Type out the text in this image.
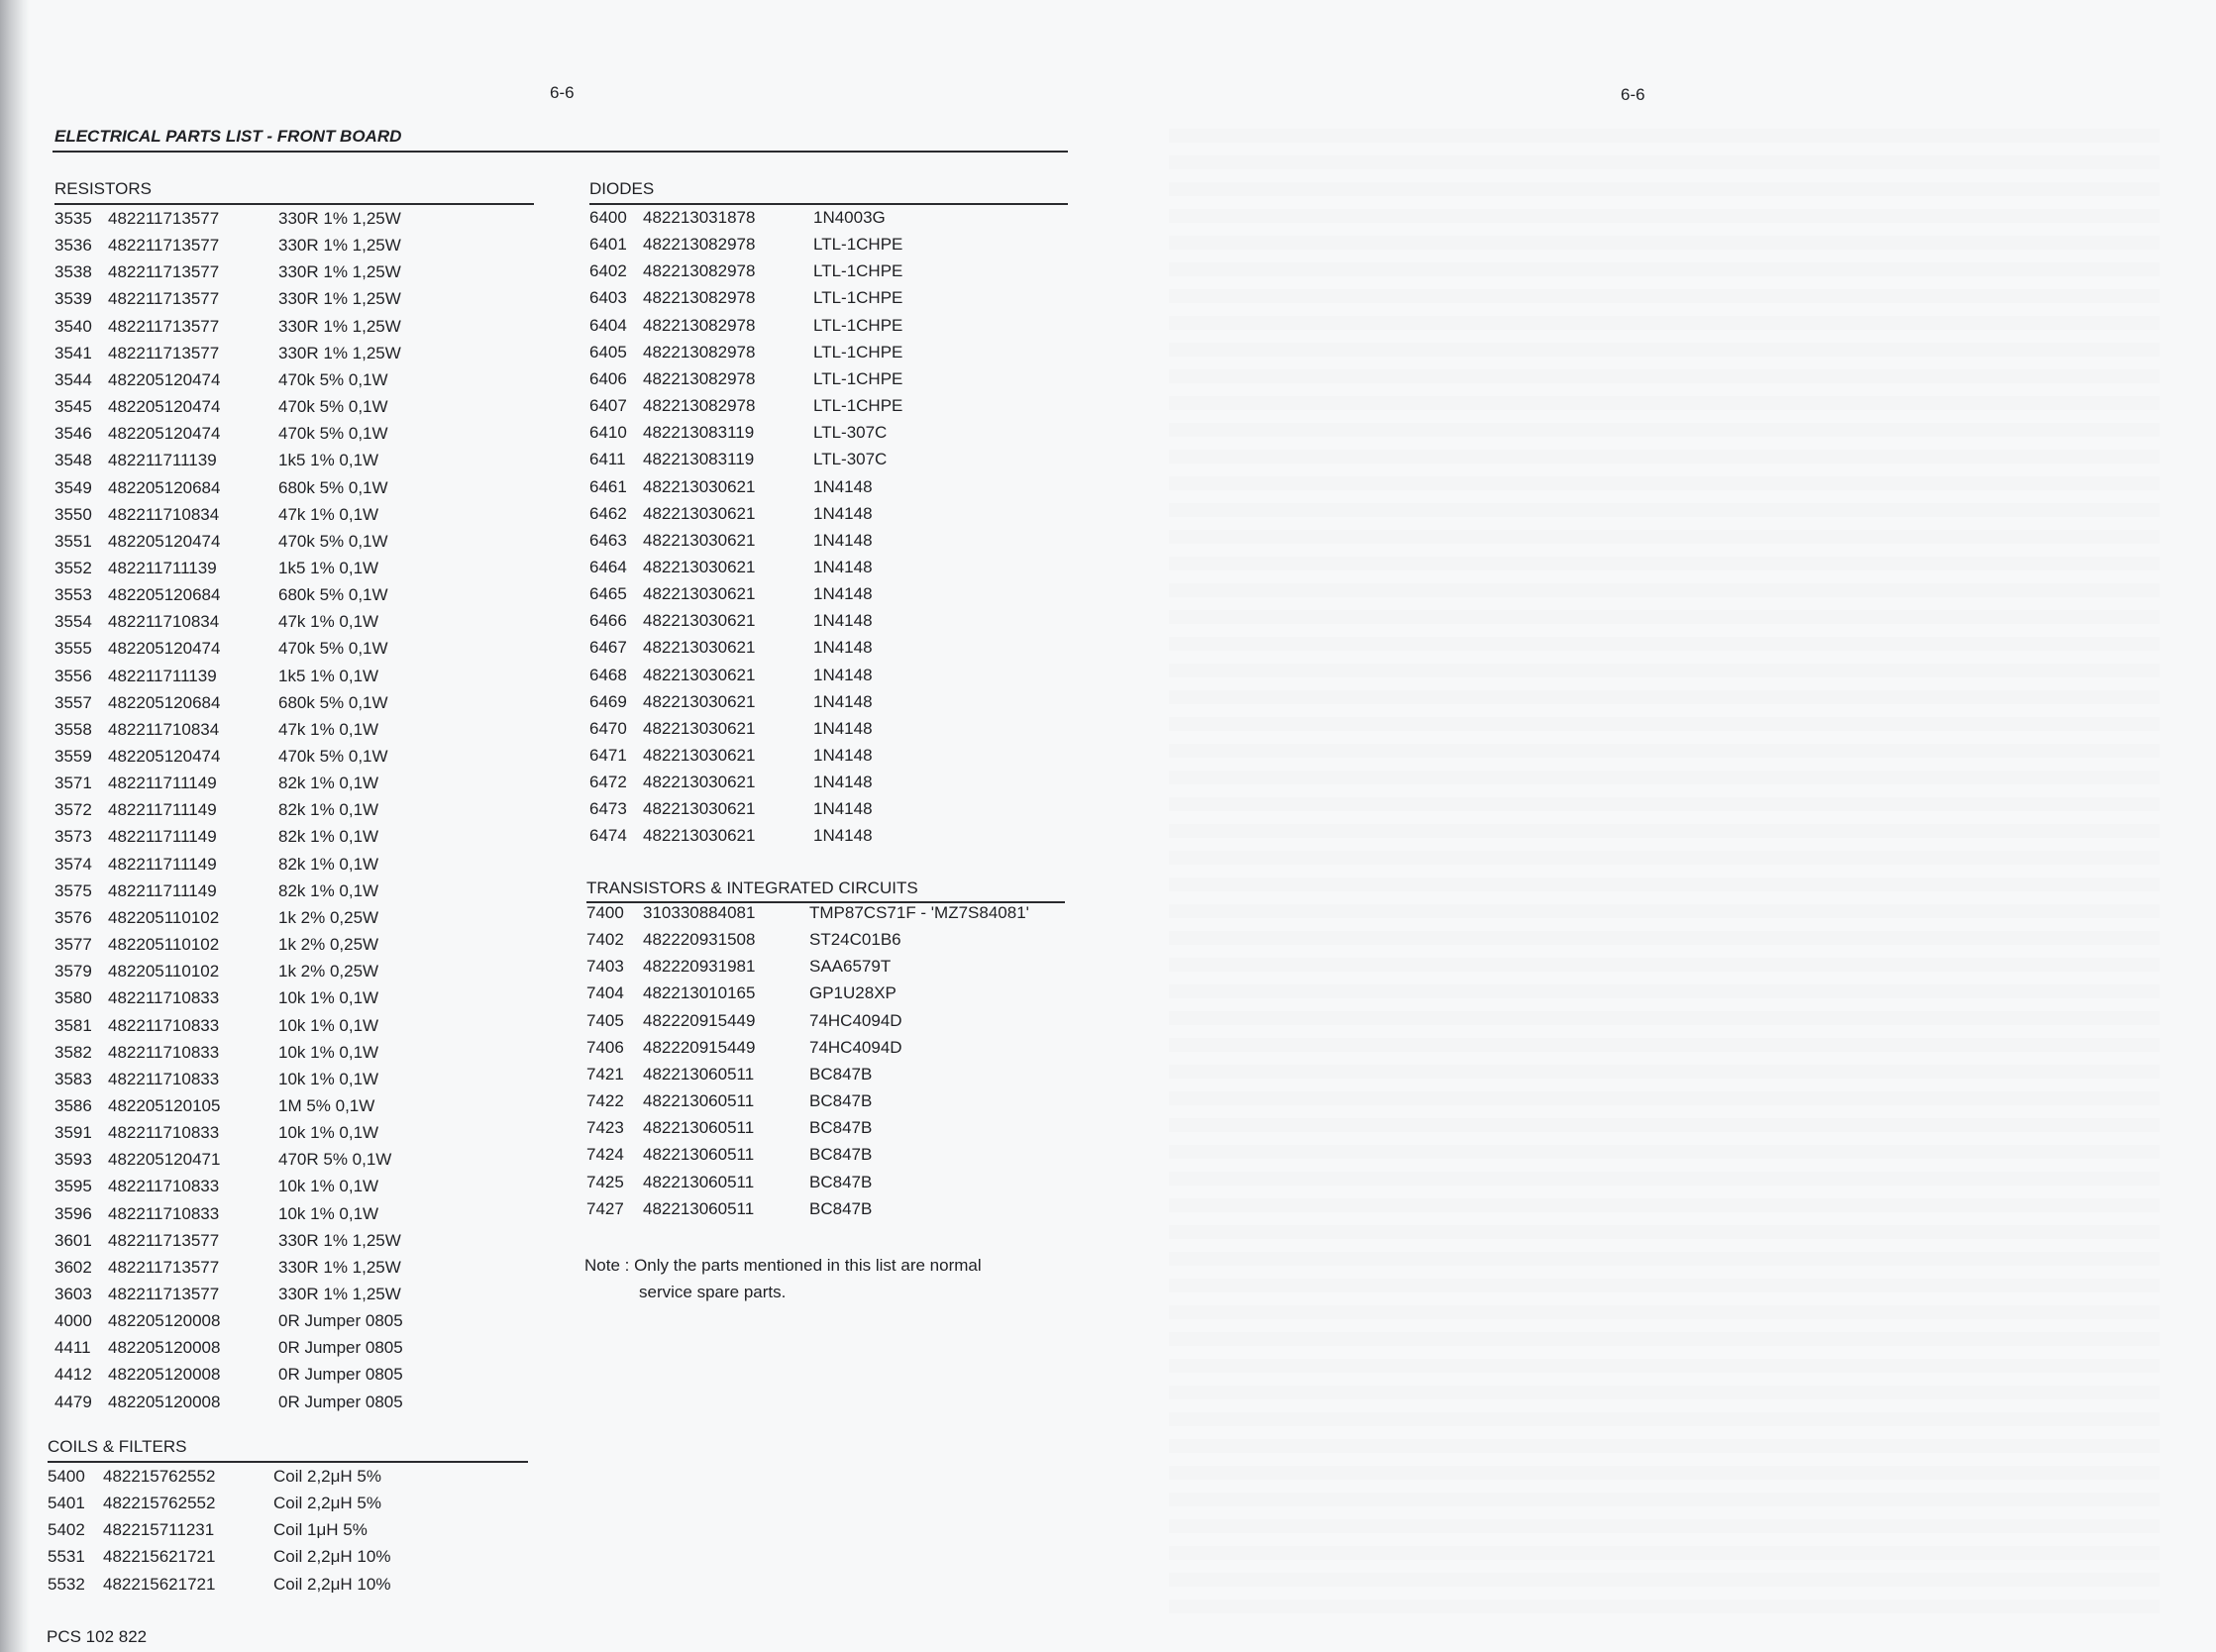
6-6	6-6
ELECTRICAL PARTS LIST - FRONT BOARD
RESISTORS
3535 482211713577	330R 1% 1,25W
3536 482211713577	330R 1% 1,25W
3538 482211713577	330R 1% 1,25W
3539 482211713577	330R 1% 1,25W
3540 482211713577	330R 1% 1,25W
3541 482211713577	330R 1% 1,25W
3544 482205120474	470k 5% 0,1W
3545 482205120474	470k 5% 0,1W
3546 482205120474	470k 5% 0,1W
3548 482211711139	1k5 1% 0,1W
3549 482205120684	680k 5% 0,1W
3550 482211710834	47k 1% 0,1W
3551 482205120474	470k 5% 0,1W
3552 482211711139	1k5 1% 0,1W
3553 482205120684	680k 5% 0,1W
3554 482211710834	47k 1% 0,1W
3555 482205120474	470k 5% 0,1W
3556 482211711139	1k5 1% 0,1W
3557 482205120684	680k 5% 0,1W
3558 482211710834	47k 1% 0,1W
3559 482205120474	470k 5% 0,1W
3571 482211711149	82k 1% 0,1W
3572 482211711149	82k 1% 0,1W
3573 482211711149	82k 1% 0,1W
3574 482211711149	82k 1% 0,1W
3575 482211711149	82k 1% 0,1W
3576 482205110102	1k 2% 0,25W
3577 482205110102	1k 2% 0,25W
3579 482205110102	1k 2% 0,25W
3580 482211710833	10k 1% 0,1W
3581 482211710833	10k 1% 0,1W
3582 482211710833	10k 1% 0,1W
3583 482211710833	10k 1% 0,1W
3586 482205120105	1M 5% 0,1W
3591 482211710833	10k 1% 0,1W
3593 482205120471	470R 5% 0,1W
3595 482211710833	10k 1% 0,1W
3596 482211710833	10k 1% 0,1W
3601 482211713577	330R 1% 1,25W
3602 482211713577	330R 1% 1,25W
3603 482211713577	330R 1% 1,25W
4000 482205120008	0R Jumper 0805
4411 482205120008	0R Jumper 0805
4412 482205120008	0R Jumper 0805
4479 482205120008	0R Jumper 0805
COILS & FILTERS
5400 482215762552	Coil 2,2μH 5%
5401 482215762552	Coil 2,2μH 5%
5402 482215711231	Coil 1μH 5%
5531 482215621721	Coil 2,2μH 10%
5532 482215621721	Coil 2,2μH 10%
DIODES
6400 482213031878	1N4003G
6401 482213082978	LTL-1CHPE
6402 482213082978	LTL-1CHPE
6403 482213082978	LTL-1CHPE
6404 482213082978	LTL-1CHPE
6405 482213082978	LTL-1CHPE
6406 482213082978	LTL-1CHPE
6407 482213082978	LTL-1CHPE
6410 482213083119	LTL-307C
6411 482213083119	LTL-307C
6461 482213030621	1N4148
6462 482213030621	1N4148
6463 482213030621	1N4148
6464 482213030621	1N4148
6465 482213030621	1N4148
6466 482213030621	1N4148
6467 482213030621	1N4148
6468 482213030621	1N4148
6469 482213030621	1N4148
6470 482213030621	1N4148
6471 482213030621	1N4148
6472 482213030621	1N4148
6473 482213030621	1N4148
6474 482213030621	1N4148
TRANSISTORS & INTEGRATED CIRCUITS
7400 310330884081	TMP87CS71F - 'MZ7S84081'
7402 482220931508	ST24C01B6
7403 482220931981	SAA6579T
7404 482213010165	GP1U28XP
7405 482220915449	74HC4094D
7406 482220915449	74HC4094D
7421 482213060511	BC847B
7422 482213060511	BC847B
7423 482213060511	BC847B
7424 482213060511	BC847B
7425 482213060511	BC847B
7427 482213060511	BC847B
Note : Only the parts mentioned in this list are normal
service spare parts.
PCS 102 822
